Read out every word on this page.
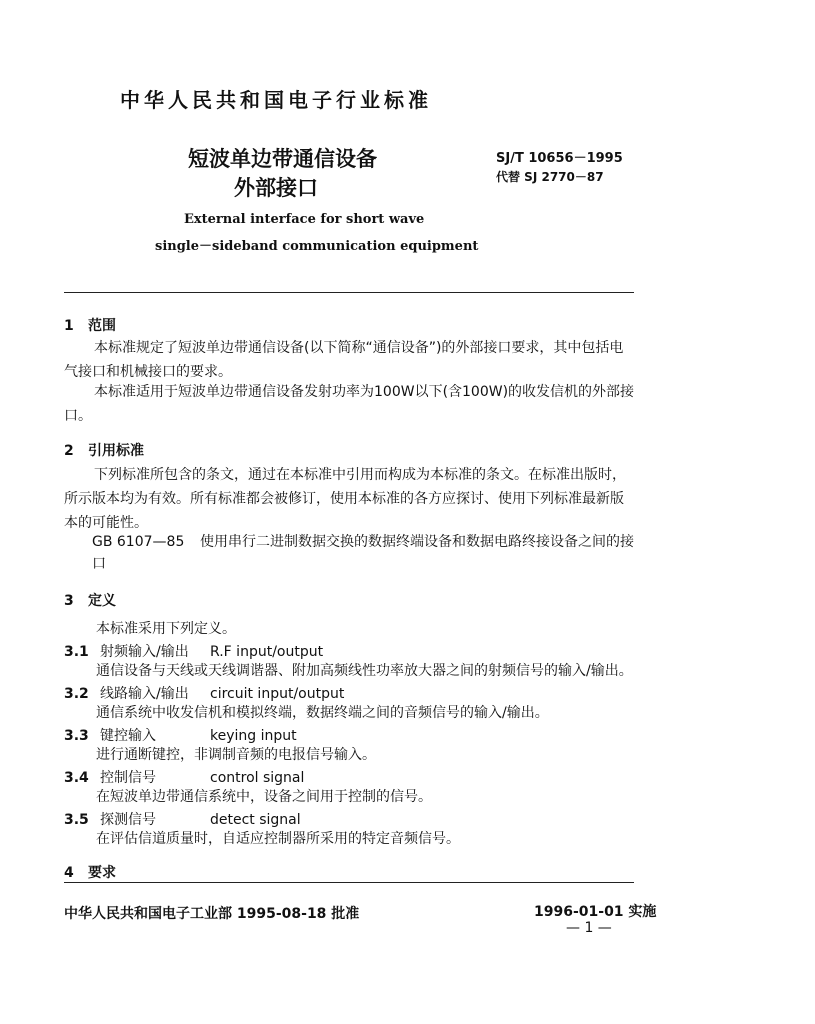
中华人民共和国电子行业标准
短波单边带通信设备
外部接口
SJ/T 10656－1995
代替 SJ 2770－87
External interface for short wave
single－sideband communication equipment
1 范围
本标准规定了短波单边带通信设备(以下简称“通信设备”)的外部接口要求，其中包括电气接口和机械接口的要求。
本标准适用于短波单边带通信设备发射功率为100W以下(含100W)的收发信机的外部接口。
2 引用标准
下列标准所包含的条文，通过在本标准中引用而构成为本标准的条文。在标准出版时，所示版本均为有效。所有标准都会被修订，使用本标准的各方应探讨、使用下列标准最新版本的可能性。
GB 6107—85 使用串行二进制数据交换的数据终端设备和数据电路终接设备之间的接口
3 定义
本标准采用下列定义。
3.1 射频输入/输出 R.F input/output
通信设备与天线或天线调谐器、附加高频线性功率放大器之间的射频信号的输入/输出。
3.2 线路输入/输出 circuit input/output
通信系统中收发信机和模拟终端，数据终端之间的音频信号的输入/输出。
3.3 键控输入	keying input
进行通断键控，非调制音频的电报信号输入。
3.4 控制信号	control signal
在短波单边带通信系统中，设备之间用于控制的信号。
3.5 探测信号	detect signal
在评估信道质量时，自适应控制器所采用的特定音频信号。
4 要求
中华人民共和国电子工业部 1995-08-18 批准	1996-01-01 实施
— 1 —
